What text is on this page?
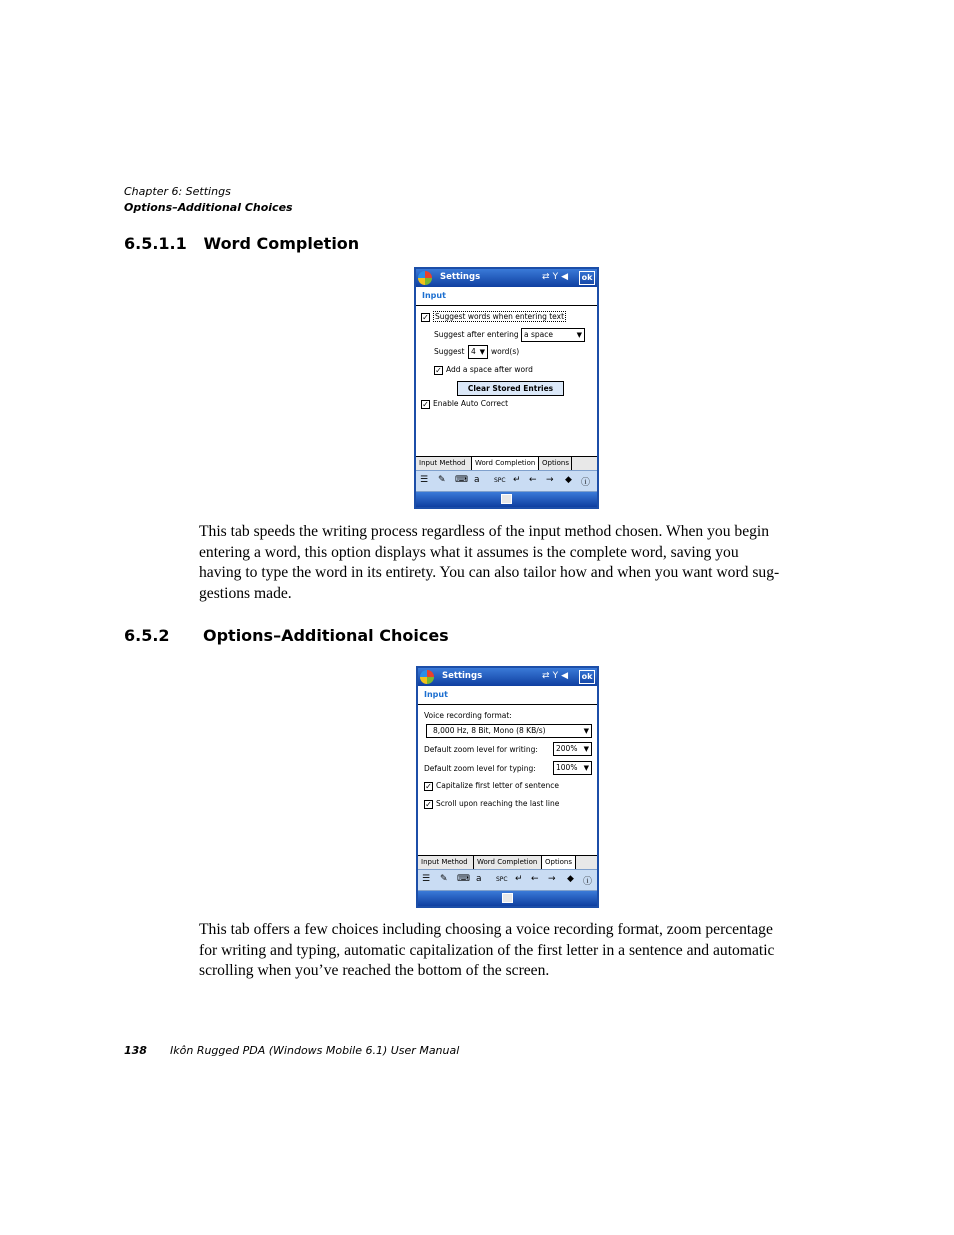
Chapter 6: Settings
Options–Additional Choices
6.5.1.1 Word Completion
Settings	⇄Y◀	ok
Input
✓ Suggest words when entering text
Suggest after entering a space	▼
Suggest 4 ▼ word(s)
✓ Add a space after word
Clear Stored Entries
✓ Enable Auto Correct
Input Method	Word Completion Options
☰ ✎ ⌨ a SPC ↵ ← → ◆ ⓘ

This tab speeds the writing process regardless of the input method chosen. When you begin

entering a word, this option displays what it assumes is the complete word, saving you

having to type the word in its entirety. You can also tailor how and when you want word sug-

gestions made.

6.5.2 Options–Additional Choices
Settings	⇄Y◀	ok
Input
Voice recording format:
8,000 Hz, 8 Bit, Mono (8 KB/s)	▼
Default zoom level for writing:	200% ▼
Default zoom level for typing:	100% ▼
✓ Capitalize first letter of sentence
✓ Scroll upon reaching the last line
Input Method	Word Completion	Options
☰ ✎ ⌨ a SPC ↵ ← → ◆ ⓘ

This tab offers a few choices including choosing a voice recording format, zoom percentage

for writing and typing, automatic capitalization of the first letter in a sentence and automatic

scrolling when you’ve reached the bottom of the screen.

138 Ikôn Rugged PDA (Windows Mobile 6.1) User Manual
